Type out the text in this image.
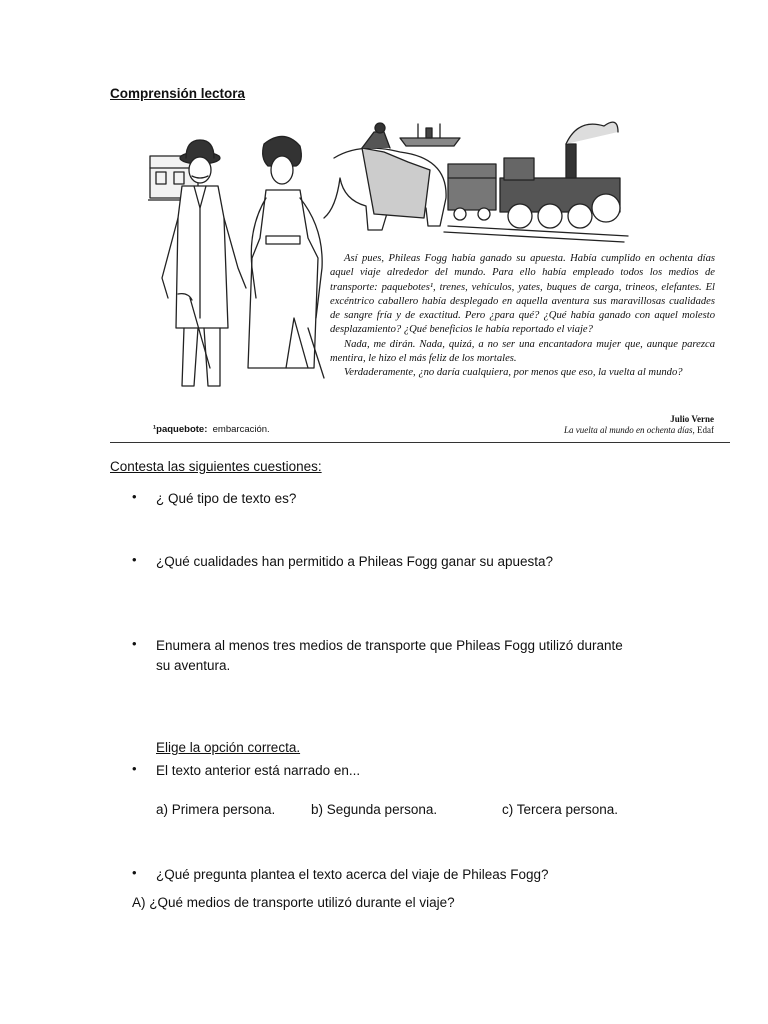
Comprensión lectora

Así pues, Phileas Fogg había ganado su apuesta. Había cumplido en ochenta días aquel viaje alrededor del mundo. Para ello había empleado todos los medios de transporte: paquebotes¹, trenes, vehículos, yates, buques de carga, trineos, elefantes. El excéntrico caballero había desplegado en aquella aventura sus maravillosas cualidades de sangre fría y de exactitud. Pero ¿para qué? ¿Qué había ganado con aquel molesto desplazamiento? ¿Qué beneficios le había reportado el viaje?

Nada, me dirán. Nada, quizá, a no ser una encantadora mujer que, aunque parezca mentira, le hizo el más feliz de los mortales.

Verdaderamente, ¿no daría cualquiera, por menos que eso, la vuelta al mundo?

Julio Verne
La vuelta al mundo en ochenta días, Edaf
¹paquebote: embarcación.
Contesta las siguientes cuestiones:
• ¿ Qué tipo de texto es?
• ¿Qué cualidades han permitido a Phileas Fogg ganar su apuesta?
• Enumera al menos tres medios de transporte que Phileas Fogg utilizó durante su aventura.
Elige la opción correcta.
• El texto anterior está narrado en...
a) Primera persona.	b) Segunda persona.	c) Tercera persona.
• ¿Qué pregunta plantea el texto acerca del viaje de Phileas Fogg?
A) ¿Qué medios de transporte utilizó durante el viaje?
